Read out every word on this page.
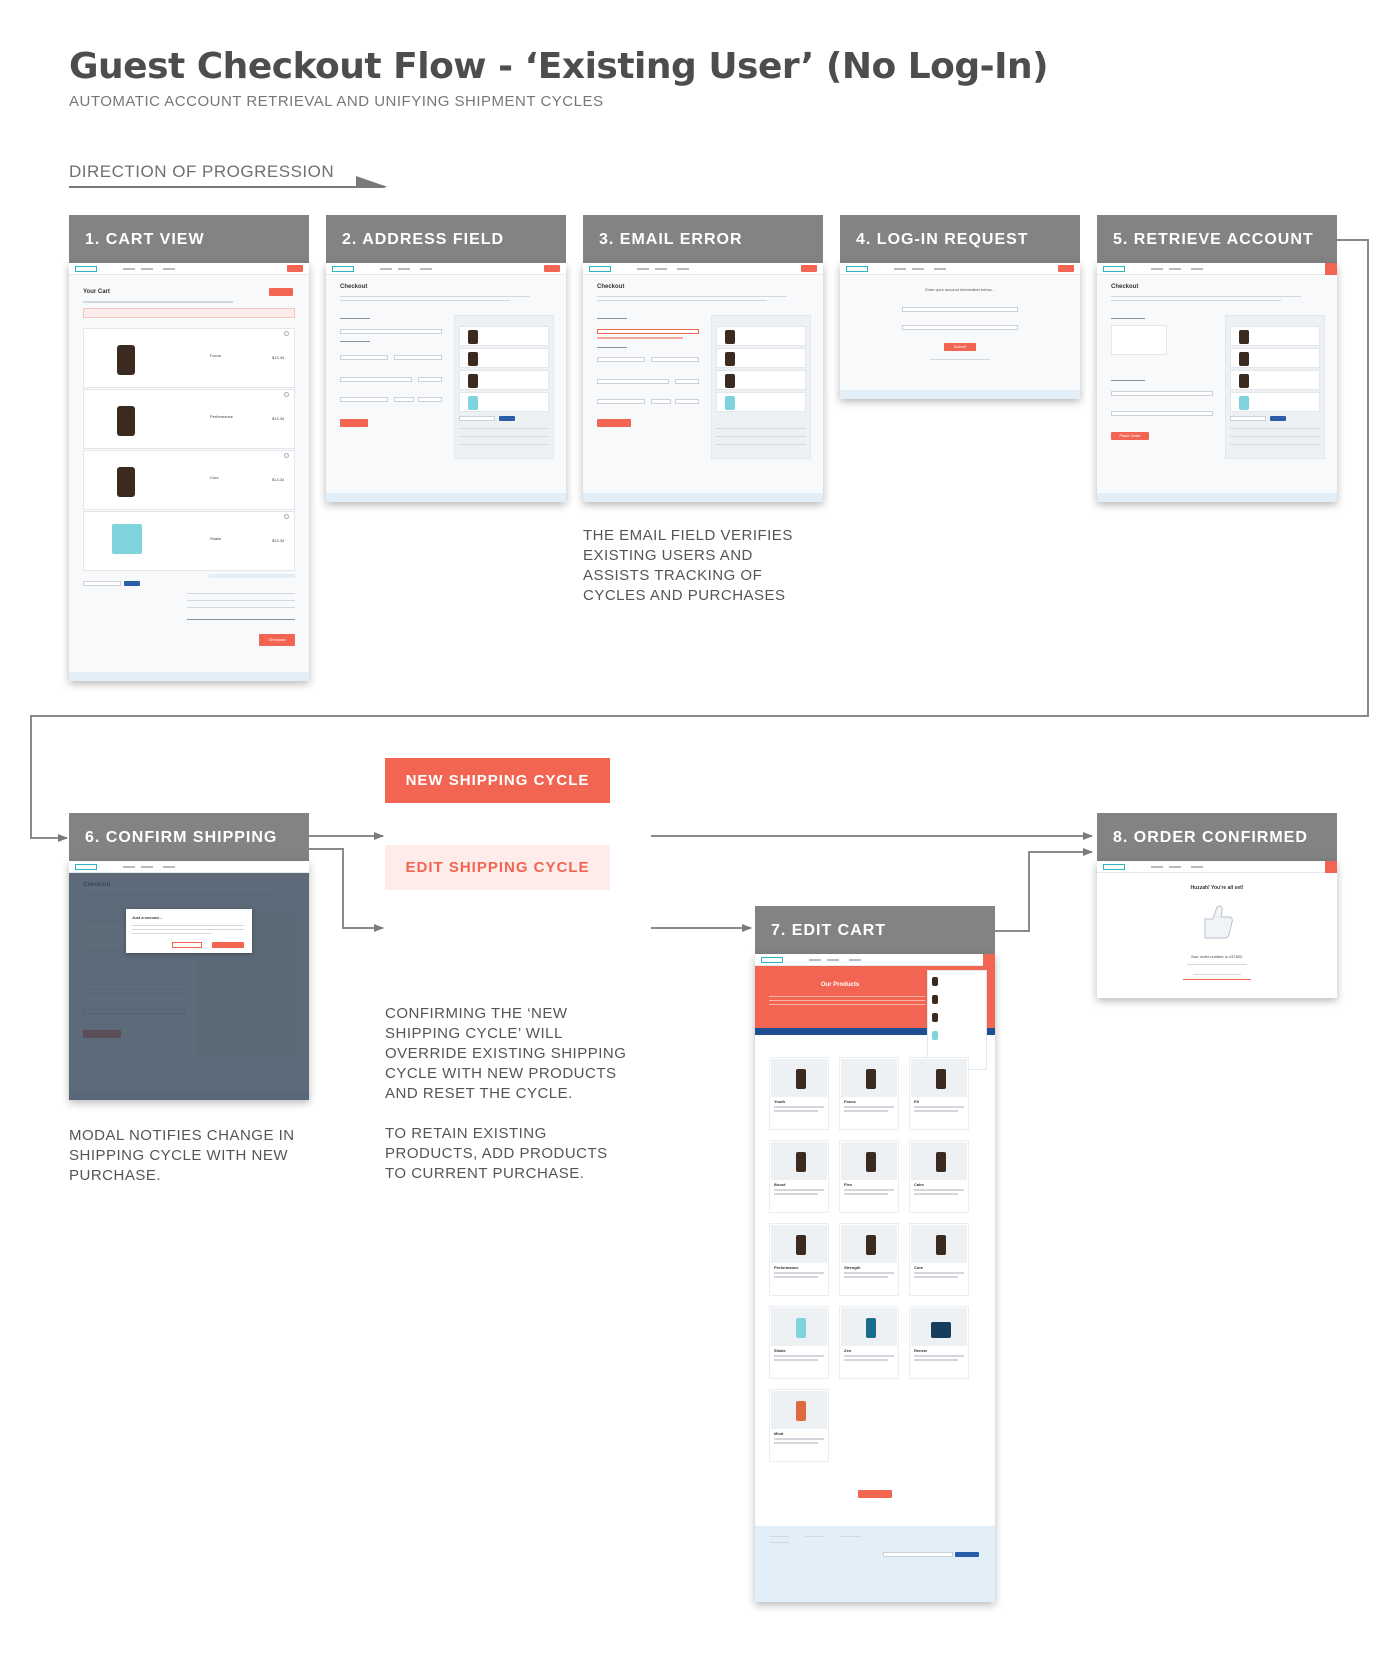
Guest Checkout Flow - ‘Existing User’ (No Log-In)
AUTOMATIC ACCOUNT RETRIEVAL AND UNIFYING SHIPMENT CYCLES
DIRECTION OF PROGRESSION
1. CART VIEW
Your Cart
Focus	$13.34
Performance	$13.34
Core	$13.34
Shake	$13.34
Checkout
2. ADDRESS FIELD
Checkout
3. EMAIL ERROR
Checkout
THE EMAIL FIELD VERIFIES EXISTING USERS AND ASSISTS TRACKING OF CYCLES AND PURCHASES
4. LOG-IN REQUEST
Enter your account information below...
Submit
5. RETRIEVE ACCOUNT
Checkout
Place Order
6. CONFIRM SHIPPING
Just a second...
MODAL NOTIFIES CHANGE IN SHIPPING CYCLE WITH NEW PURCHASE.
NEW SHIPPING CYCLE
EDIT SHIPPING CYCLE

CONFIRMING THE ‘NEW SHIPPING CYCLE’ WILL OVERRIDE EXISTING SHIPPING CYCLE WITH NEW PRODUCTS AND RESET THE CYCLE.

TO RETAIN EXISTING PRODUCTS, ADD PRODUCTS TO CURRENT PURCHASE.

7. EDIT CART
Our Products
Youth	Focus	Fit
Boost	Flex	Calm
Performance	Strength	Core
Shake	Zen	Renew
Mind
8. ORDER CONFIRMED
Huzzah! You’re all set!
Your order number is 437802.
